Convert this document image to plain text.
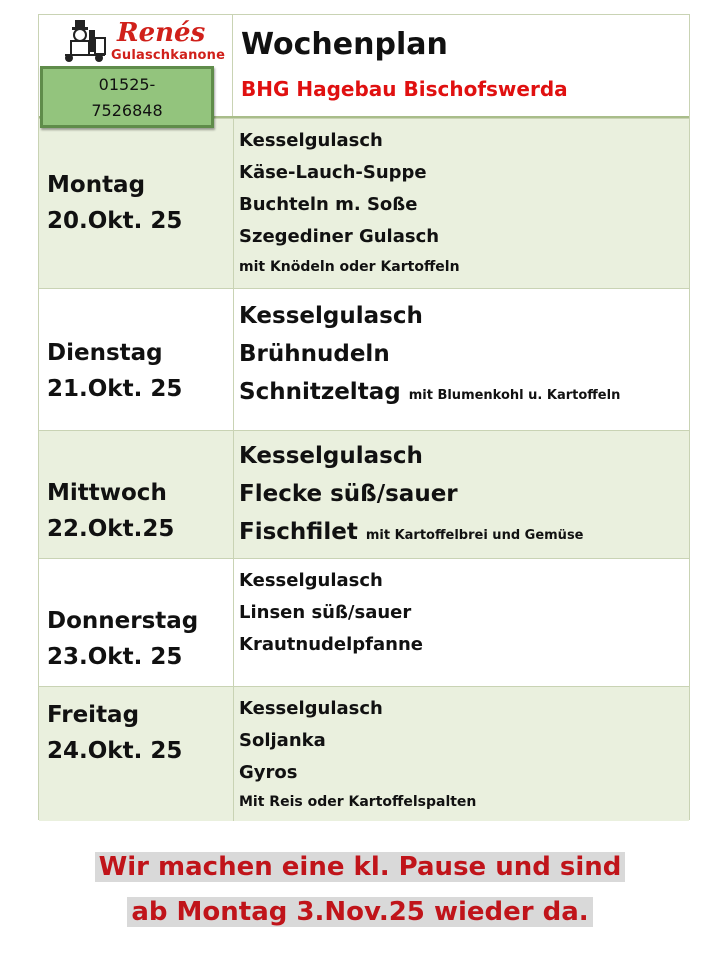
Renés
Gulaschkanone Wochenplan
BHG Hagebau Bischofswerda
Montag
20.Okt. 25
Kesselgulasch
Käse-Lauch-Suppe
Buchteln m. Soße
Szegediner Gulasch
mit Knödeln oder Kartoffeln
Dienstag
21.Okt. 25
Kesselgulasch
Brühnudeln
Schnitzeltag mit Blumenkohl u. Kartoffeln
Mittwoch
22.Okt.25
Kesselgulasch
Flecke süß/sauer
Fischfilet mit Kartoffelbrei und Gemüse
Donnerstag
23.Okt. 25
Kesselgulasch
Linsen süß/sauer
Krautnudelpfanne
Freitag
24.Okt. 25
Kesselgulasch
Soljanka
Gyros
Mit Reis oder Kartoffelspalten
01525-
7526848
Wir machen eine kl. Pause und sind
ab Montag 3.Nov.25 wieder da.
